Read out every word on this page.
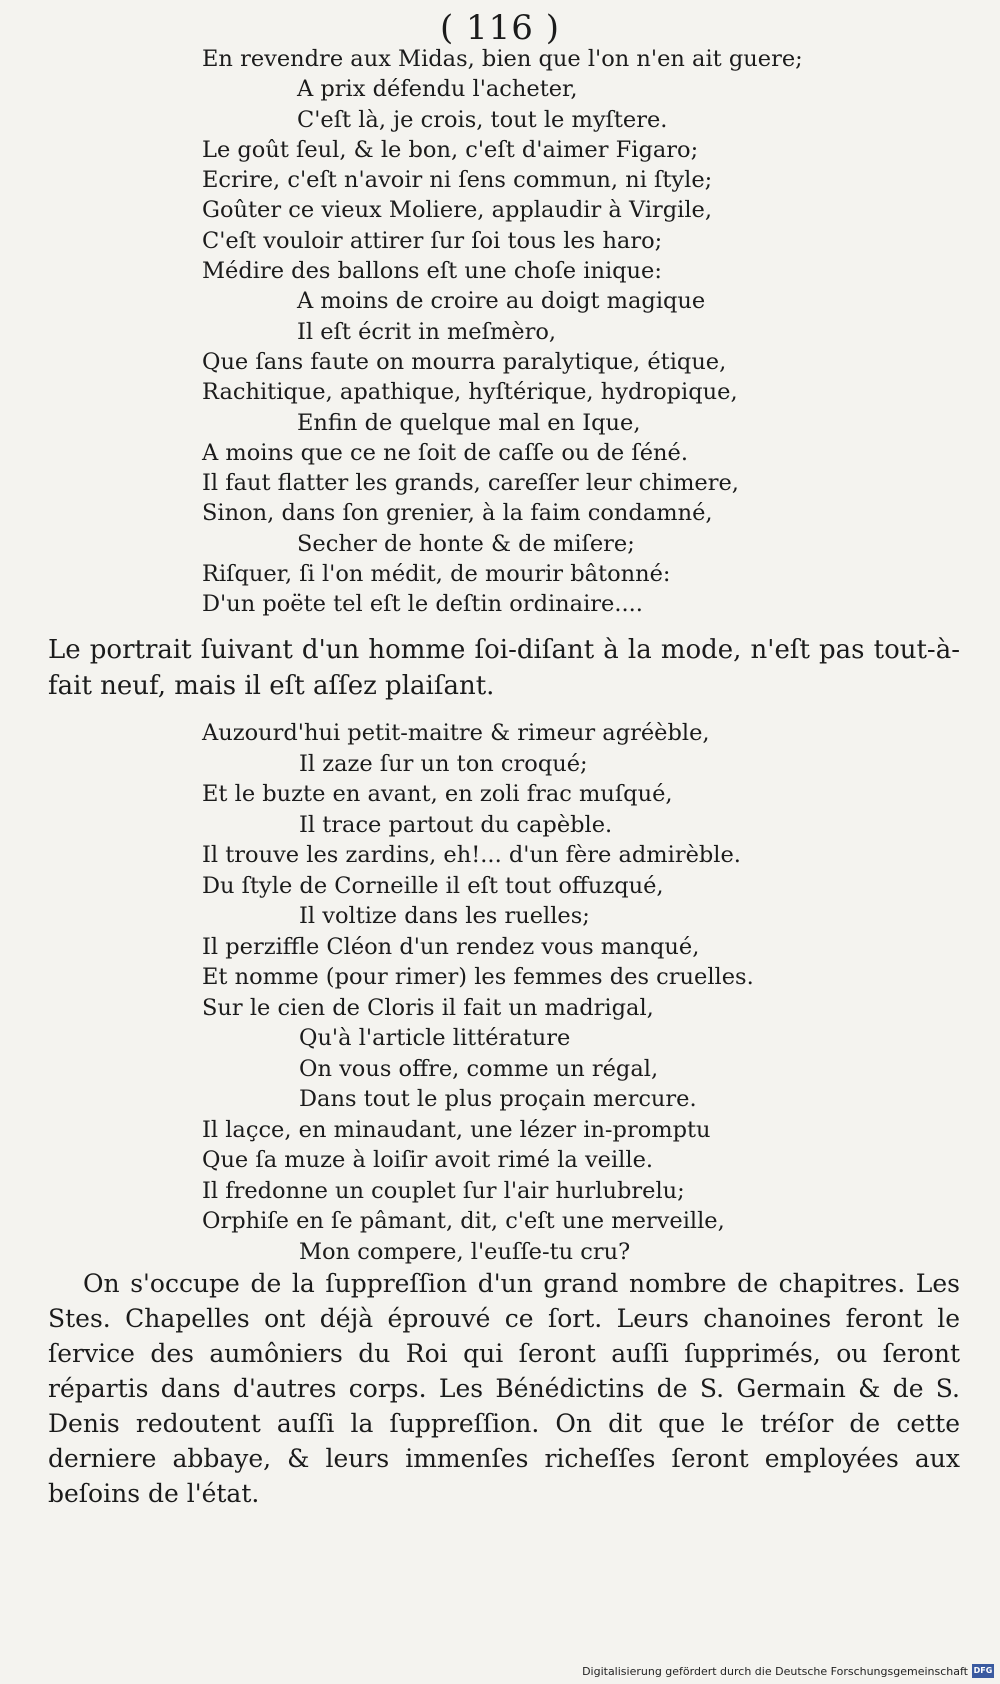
( 116 )
En revendre aux Midas, bien que l'on n'en ait guere;
A prix défendu l'acheter,
C'eſt là, je crois, tout le myſtere.
Le goût ſeul, & le bon, c'eſt d'aimer Figaro;
Ecrire, c'eſt n'avoir ni ſens commun, ni ſtyle;
Goûter ce vieux Moliere, applaudir à Virgile,
C'eſt vouloir attirer ſur ſoi tous les haro;
Médire des ballons eſt une choſe inique:
A moins de croire au doigt magique
Il eſt écrit in meſmèro,
Que ſans faute on mourra paralytique, étique,
Rachitique, apathique, hyſtérique, hydropique,
Enfin de quelque mal en Ique,
A moins que ce ne ſoit de caſſe ou de ſéné.
Il faut flatter les grands, careſſer leur chimere,
Sinon, dans ſon grenier, à la faim condamné,
Secher de honte & de miſere;
Riſquer, ſi l'on médit, de mourir bâtonné:
D'un poëte tel eſt le deſtin ordinaire....
Le portrait ſuivant d'un homme ſoi-diſant à la mode, n'eſt pas tout-à-fait neuf, mais il eſt aſſez plaiſant.
Auzourd'hui petit-maitre & rimeur agréèble,
Il zaze ſur un ton croqué;
Et le buzte en avant, en zoli frac muſqué,
Il trace partout du capèble.
Il trouve les zardins, eh!... d'un fère admirèble.
Du ſtyle de Corneille il eſt tout offuzqué,
Il voltize dans les ruelles;
Il perziffle Cléon d'un rendez vous manqué,
Et nomme (pour rimer) les femmes des cruelles.
Sur le cien de Cloris il fait un madrigal,
Qu'à l'article littérature
On vous offre, comme un régal,
Dans tout le plus proçain mercure.
Il laçce, en minaudant, une lézer in-promptu
Que ſa muze à loiſir avoit rimé la veille.
Il fredonne un couplet ſur l'air hurlubrelu;
Orphiſe en ſe pâmant, dit, c'eſt une merveille,
Mon compere, l'euſſe-tu cru?
On s'occupe de la ſuppreſſion d'un grand nombre de chapitres. Les Stes. Chapelles ont déjà éprouvé ce ſort. Leurs chanoines feront le ſervice des aumôniers du Roi qui ſeront auſſi ſupprimés, ou ſeront répartis dans d'autres corps. Les Bénédictins de S. Germain & de S. Denis redoutent auſſi la ſuppreſſion. On dit que le tréſor de cette derniere abbaye, & leurs immenſes richeſſes ſeront employées aux beſoins de l'état.
Digitalisierung gefördert durch die Deutsche Forschungsgemeinschaft DFG
